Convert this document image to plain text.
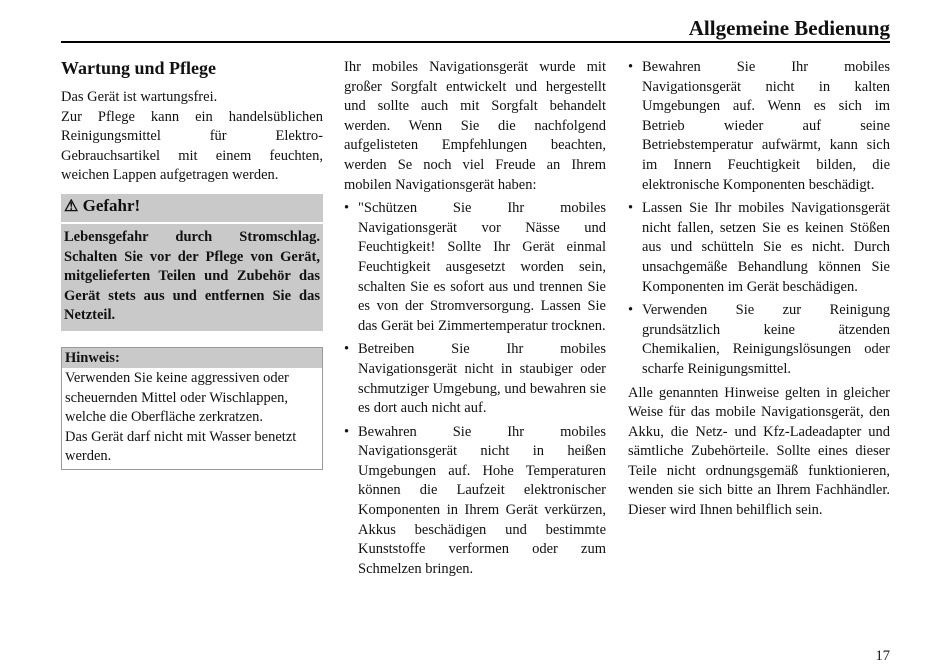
Allgemeine Bedienung
Wartung und Pflege
Das Gerät ist wartungsfrei.
Zur Pflege kann ein handelsüblichen Reinigungsmittel für Elektro-Gebrauchsartikel mit einem feuchten, weichen Lappen aufgetragen werden.
⚠ Gefahr!
Lebensgefahr durch Stromschlag. Schalten Sie vor der Pflege von Gerät, mitgelieferten Teilen und Zubehör das Gerät stets aus und entfernen Sie das Netzteil.
Hinweis:
Verwenden Sie keine aggressiven oder scheuernden Mittel oder Wischlappen, welche die Oberfläche zerkratzen.
Das Gerät darf nicht mit Wasser benetzt werden.
Ihr mobiles Navigationsgerät wurde mit großer Sorgfalt entwickelt und hergestellt und sollte auch mit Sorgfalt behandelt werden. Wenn Sie die nachfolgend aufgelisteten Empfehlungen beachten, werden Se noch viel Freude an Ihrem mobilen Navigationsgerät haben:
• "Schützen Sie Ihr mobiles Navigationsgerät vor Nässe und Feuchtigkeit! Sollte Ihr Gerät einmal Feuchtigkeit ausgesetzt worden sein, schalten Sie es sofort aus und trennen Sie es von der Stromversorgung. Lassen Sie das Gerät bei Zimmertemperatur trocknen.
• Betreiben Sie Ihr mobiles Navigationsgerät nicht in staubiger oder schmutziger Umgebung, und bewahren sie es dort auch nicht auf.
• Bewahren Sie Ihr mobiles Navigationsgerät nicht in heißen Umgebungen auf. Hohe Temperaturen können die Laufzeit elektronischer Komponenten in Ihrem Gerät verkürzen, Akkus beschädigen und bestimmte Kunststoffe verformen oder zum Schmelzen bringen.
• Bewahren Sie Ihr mobiles Navigationsgerät nicht in kalten Umgebungen auf. Wenn es sich im Betrieb wieder auf seine Betriebstemperatur aufwärmt, kann sich im Innern Feuchtigkeit bilden, die elektronische Komponenten beschädigt.
• Lassen Sie Ihr mobiles Navigationsgerät nicht fallen, setzen Sie es keinen Stößen aus und schütteln Sie es nicht. Durch unsachgemäße Behandlung können Sie Komponenten im Gerät beschädigen.
• Verwenden Sie zur Reinigung grundsätzlich keine ätzenden Chemikalien, Reinigungslösungen oder scharfe Reinigungsmittel.
Alle genannten Hinweise gelten in gleicher Weise für das mobile Navigationsgerät, den Akku, die Netz- und Kfz-Ladeadapter und sämtliche Zubehörteile. Sollte eines dieser Teile nicht ordnungsgemäß funktionieren, wenden sie sich bitte an Ihrem Fachhändler. Dieser wird Ihnen behilflich sein.
17
